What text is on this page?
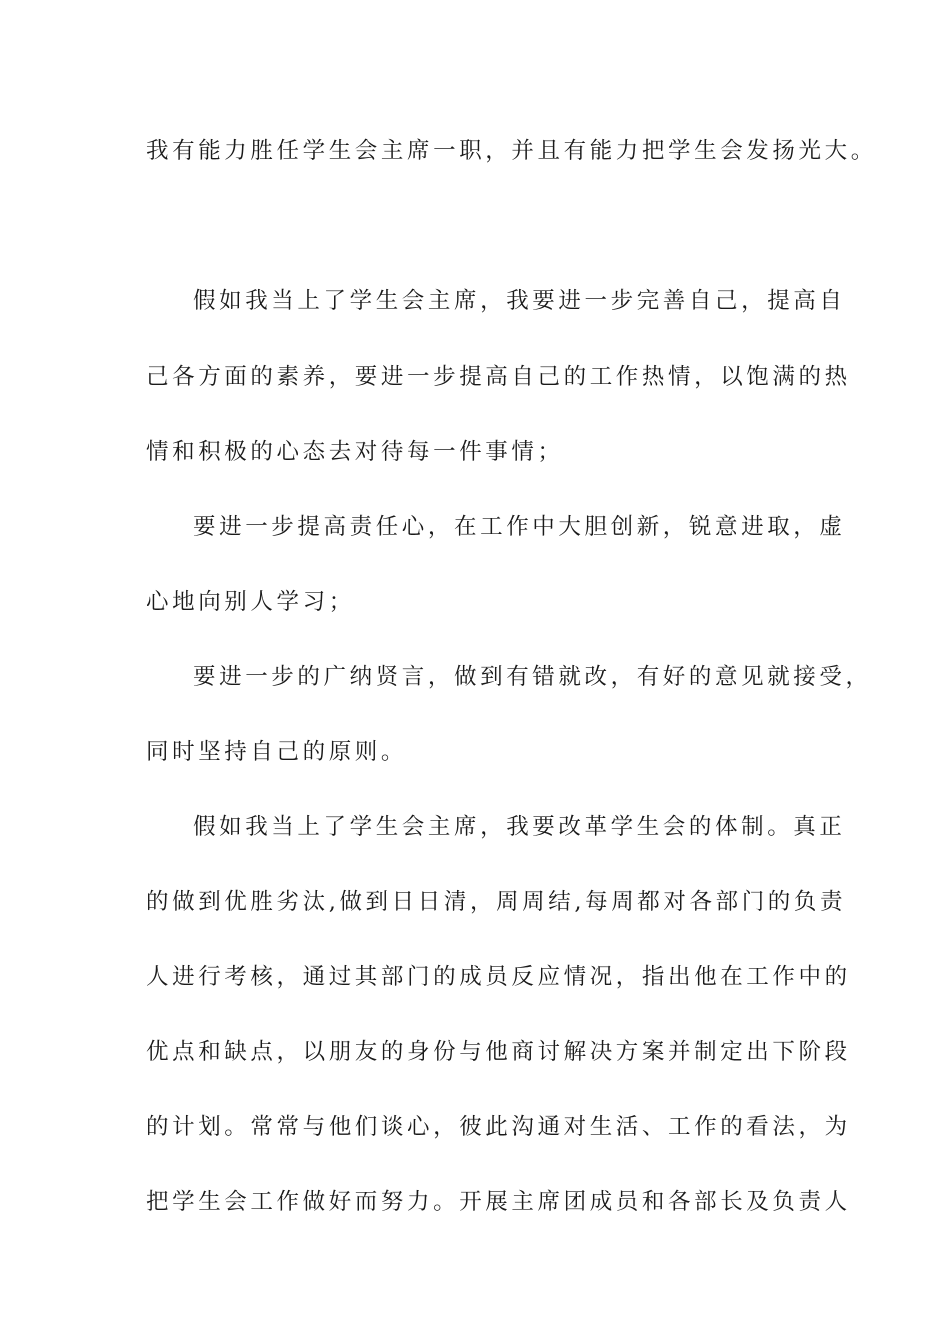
我有能力胜任学生会主席一职，并且有能力把学生会发扬光大。

假如我当上了学生会主席，我要进一步完善自己，提高自

己各方面的素养，要进一步提高自己的工作热情，以饱满的热

情和积极的心态去对待每一件事情；

要进一步提高责任心，在工作中大胆创新，锐意进取，虚

心地向别人学习；

要进一步的广纳贤言，做到有错就改，有好的意见就接受，

同时坚持自己的原则。

假如我当上了学生会主席，我要改革学生会的体制。真正

的做到优胜劣汰,做到日日清，周周结,每周都对各部门的负责

人进行考核，通过其部门的成员反应情况，指出他在工作中的

优点和缺点，以朋友的身份与他商讨解决方案并制定出下阶段

的计划。常常与他们谈心，彼此沟通对生活、工作的看法，为

把学生会工作做好而努力。开展主席团成员和各部长及负责人
